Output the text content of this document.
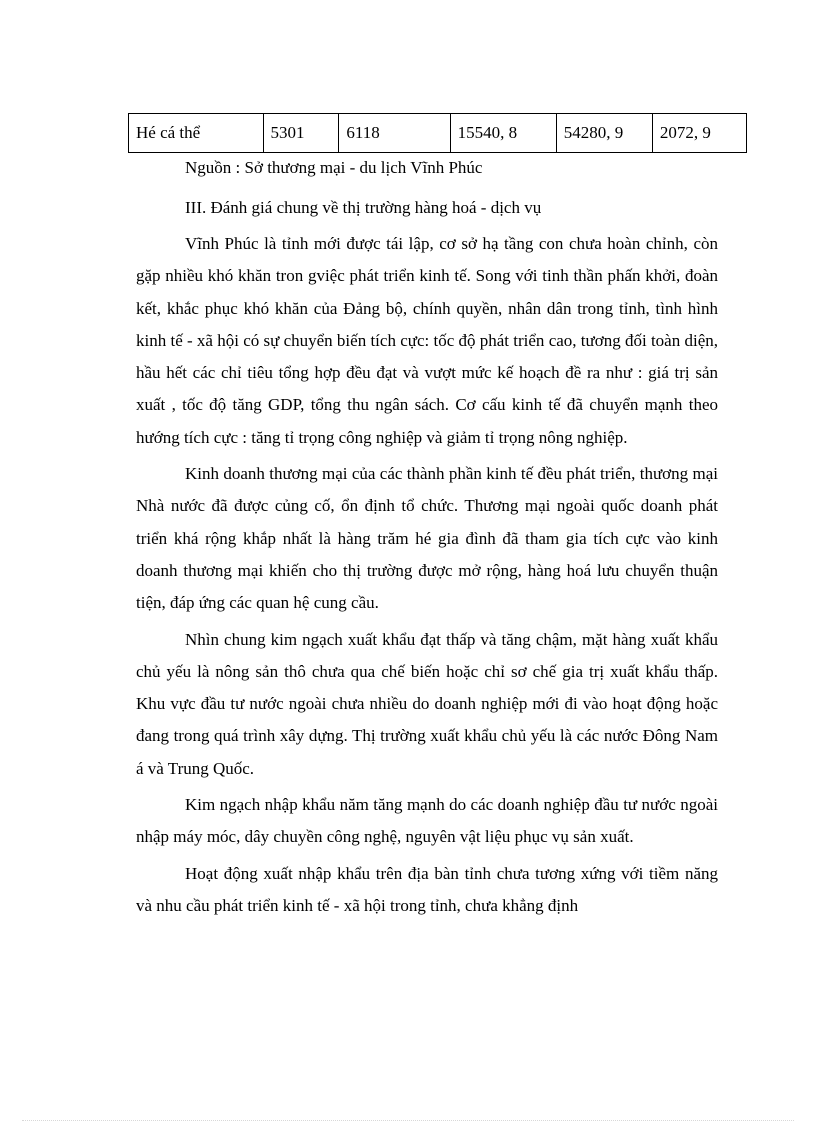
Hé cá thể	5301	6118	15540, 8	54280, 9	2072, 9
Nguồn : Sở thương mại - du lịch Vĩnh Phúc
III. Đánh giá chung về thị trường hàng hoá - dịch vụ

Vĩnh Phúc là tỉnh mới được tái lập, cơ sở hạ tầng con chưa hoàn chỉnh, còn gặp nhiều khó khăn tron gviệc phát triển kinh tế. Song với tinh thần phấn khởi, đoàn kết, khắc phục khó khăn của Đảng bộ, chính quyền, nhân dân trong tỉnh, tình hình kinh tế - xã hội có sự chuyển biến tích cực: tốc độ phát triển cao, tương đối toàn diện, hầu hết các chỉ tiêu tổng hợp đều đạt và vượt mức kế hoạch đề ra như : giá trị sản xuất , tốc độ tăng GDP, tổng thu ngân sách. Cơ cấu kinh tế đã chuyển mạnh theo hướng tích cực : tăng tỉ trọng công nghiệp và giảm tỉ trọng nông nghiệp.

Kinh doanh thương mại của các thành phần kinh tế đều phát triển, thương mại Nhà nước đã được củng cố, ổn định tổ chức. Thương mại ngoài quốc doanh phát triển khá rộng khắp nhất là hàng trăm hé gia đình đã tham gia tích cực vào kinh doanh thương mại khiến cho thị trường được mở rộng, hàng hoá lưu chuyển thuận tiện, đáp ứng các quan hệ cung cầu.

Nhìn chung kim ngạch xuất khẩu đạt thấp và tăng chậm, mặt hàng xuất khẩu chủ yếu là nông sản thô chưa qua chế biến hoặc chỉ sơ chế gia trị xuất khẩu thấp. Khu vực đầu tư nước ngoài chưa nhiều do doanh nghiệp mới đi vào hoạt động hoặc đang trong quá trình xây dựng. Thị trường xuất khẩu chủ yếu là các nước Đông Nam á và Trung Quốc.

Kim ngạch nhập khẩu năm tăng mạnh do các doanh nghiệp đầu tư nước ngoài nhập máy móc, dây chuyền công nghệ, nguyên vật liệu phục vụ sản xuất.

Hoạt động xuất nhập khẩu trên địa bàn tỉnh chưa tương xứng với tiềm năng và nhu cầu phát triển kinh tế - xã hội trong tỉnh, chưa khẳng định
